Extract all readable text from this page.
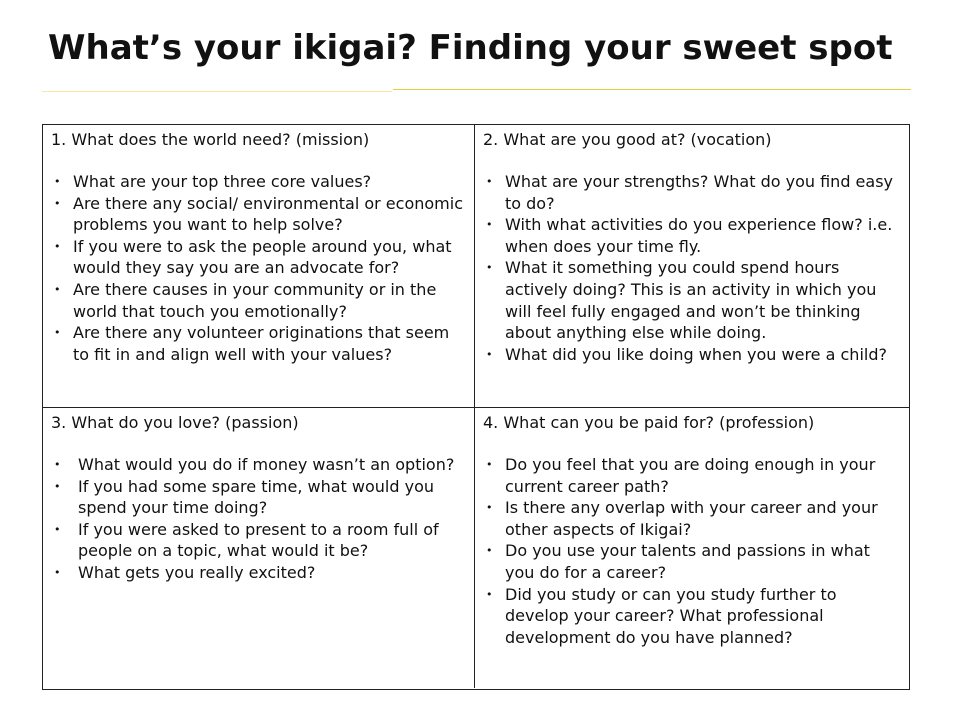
What’s your ikigai? Finding your sweet spot
1. What does the world need? (mission)
• What are your top three core values?
• Are there any social/ environmental or economic problems you want to help solve?
• If you were to ask the people around you, what would they say you are an advocate for?
• Are there causes in your community or in the world that touch you emotionally?
• Are there any volunteer originations that seem to fit in and align well with your values?
2. What are you good at? (vocation)
• What are your strengths? What do you find easy to do?
• With what activities do you experience flow? i.e. when does your time fly.
• What it something you could spend hours actively doing? This is an activity in which you will feel fully engaged and won’t be thinking about anything else while doing.
• What did you like doing when you were a child?
3. What do you love? (passion)
•	What would you do if money wasn’t an option?
•	If you had some spare time, what would you spend your time doing?
•	If you were asked to present to a room full of people on a topic, what would it be?
•	What gets you really excited?
4. What can you be paid for? (profession)
• Do you feel that you are doing enough in your current career path?
• Is there any overlap with your career and your other aspects of Ikigai?
• Do you use your talents and passions in what you do for a career?
• Did you study or can you study further to develop your career? What professional development do you have planned?
